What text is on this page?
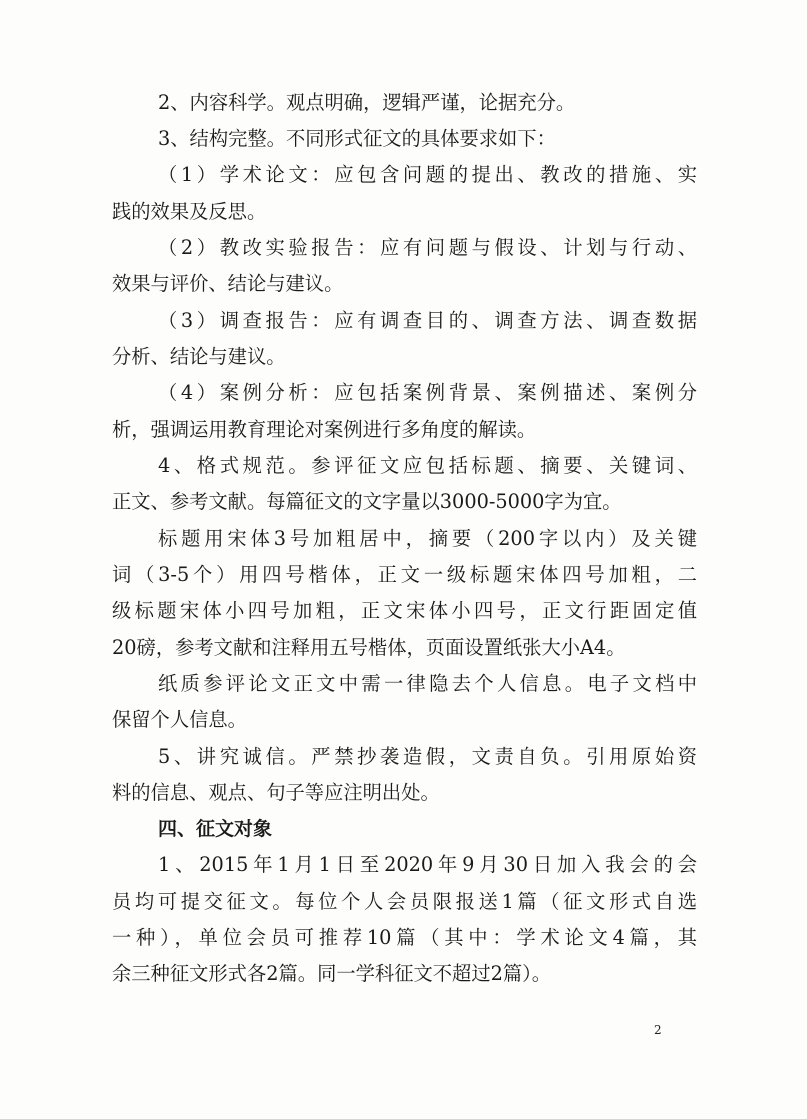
2、内容科学。观点明确，逻辑严谨，论据充分。
3、结构完整。不同形式征文的具体要求如下：
（1）学术论文：应包含问题的提出、教改的措施、实
践的效果及反思。
（2）教改实验报告：应有问题与假设、计划与行动、
效果与评价、结论与建议。
（3）调查报告：应有调查目的、调查方法、调查数据
分析、结论与建议。
（4）案例分析：应包括案例背景、案例描述、案例分
析，强调运用教育理论对案例进行多角度的解读。
4、格式规范。参评征文应包括标题、摘要、关键词、
正文、参考文献。每篇征文的文字量以3000-5000字为宜。
标题用宋体3号加粗居中，摘要（200字以内）及关键
词（3-5个）用四号楷体，正文一级标题宋体四号加粗，二
级标题宋体小四号加粗，正文宋体小四号，正文行距固定值
20磅，参考文献和注释用五号楷体，页面设置纸张大小A4。
纸质参评论文正文中需一律隐去个人信息。电子文档中
保留个人信息。
5、讲究诚信。严禁抄袭造假，文责自负。引用原始资
料的信息、观点、句子等应注明出处。
四、征文对象
1、2015年1月1日至2020年9月30日加入我会的会
员均可提交征文。每位个人会员限报送1篇（征文形式自选
一种），单位会员可推荐10篇（其中：学术论文4篇，其
余三种征文形式各2篇。同一学科征文不超过2篇）。
2
